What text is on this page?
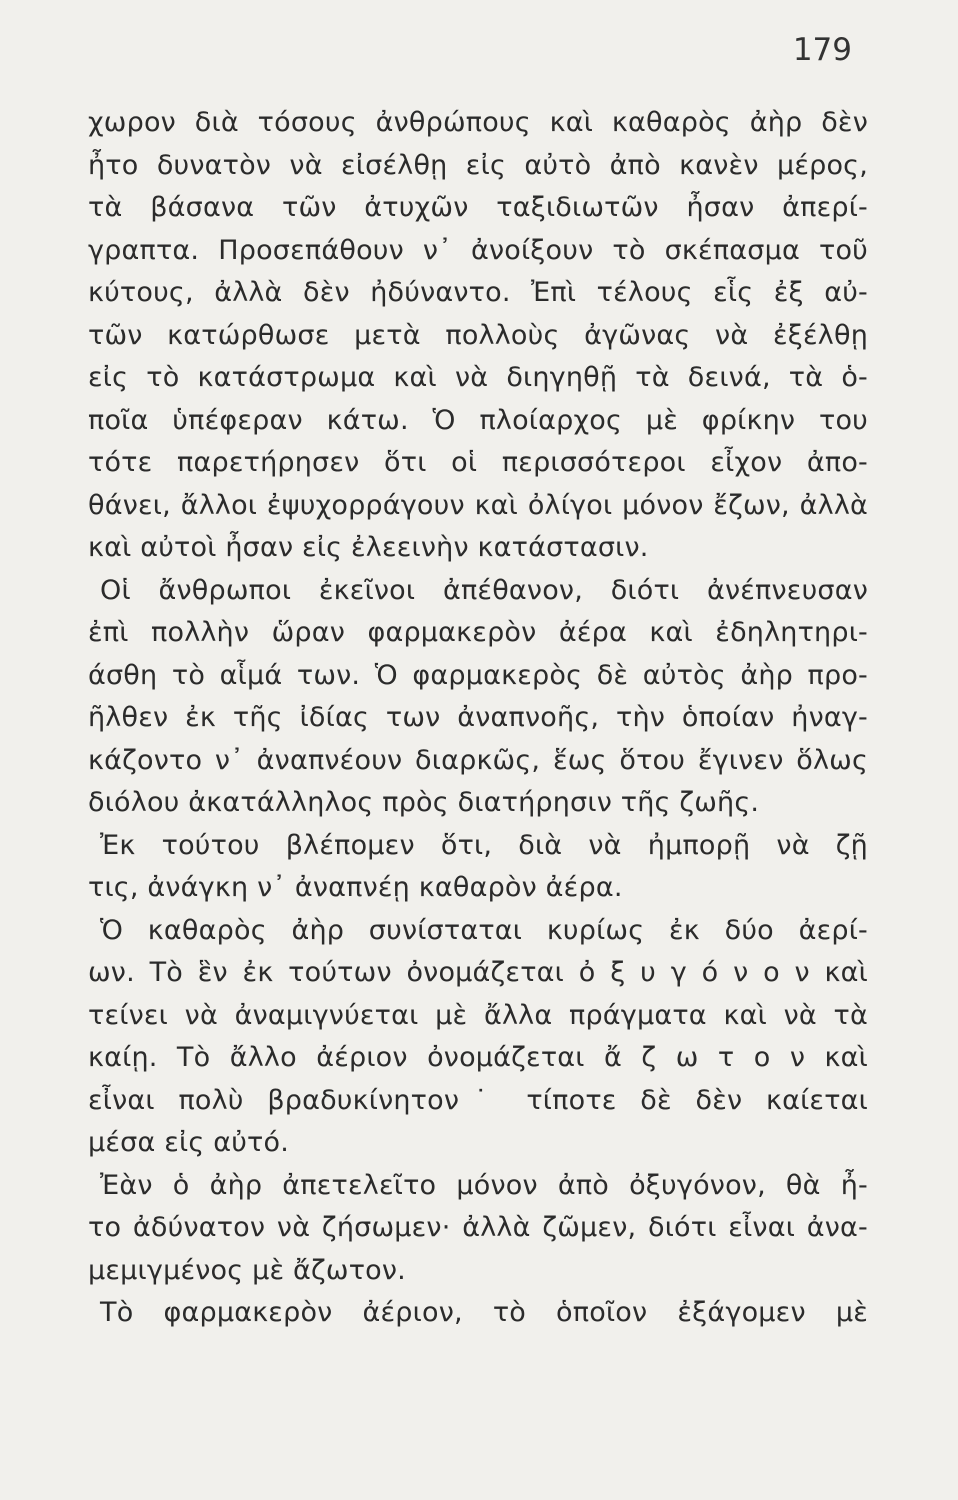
179
χωρον διὰ τόσους ἀνθρώπους καὶ καθαρὸς ἀὴρ δὲν
ἦτο δυνατὸν νὰ εἰσέλθῃ εἰς αὐτὸ ἀπὸ κανὲν μέρος,
τὰ βάσανα τῶν ἀτυχῶν ταξιδιωτῶν ἦσαν ἀπερί-
γραπτα. Προσεπάθουν ν᾽ ἀνοίξουν τὸ σκέπασμα τοῦ
κύτους, ἀλλὰ δὲν ἠδύναντο. Ἐπὶ τέλους εἷς ἐξ αὐ-
τῶν κατώρθωσε μετὰ πολλοὺς ἀγῶνας νὰ ἐξέλθῃ
εἰς τὸ κατάστρωμα καὶ νὰ διηγηθῇ τὰ δεινά, τὰ ὁ-
ποῖα ὑπέφεραν κάτω. Ὁ πλοίαρχος μὲ φρίκην του
τότε παρετήρησεν ὅτι οἱ περισσότεροι εἶχον ἀπο-
θάνει, ἄλλοι ἐψυχορράγουν καὶ ὀλίγοι μόνον ἔζων, ἀλλὰ
καὶ αὐτοὶ ἦσαν εἰς ἐλεεινὴν κατάστασιν.
Οἱ ἄνθρωποι ἐκεῖνοι ἀπέθανον, διότι ἀνέπνευσαν
ἐπὶ πολλὴν ὥραν φαρμακερὸν ἀέρα καὶ ἐδηλητηρι-
άσθη τὸ αἷμά των. Ὁ φαρμακερὸς δὲ αὐτὸς ἀὴρ προ-
ῆλθεν ἐκ τῆς ἰδίας των ἀναπνοῆς, τὴν ὁποίαν ἠναγ-
κάζοντο ν᾽ ἀναπνέουν διαρκῶς, ἕως ὅτου ἔγινεν ὅλως
διόλου ἀκατάλληλος πρὸς διατήρησιν τῆς ζωῆς.
Ἐκ τούτου βλέπομεν ὅτι, διὰ νὰ ἠμπορῇ νὰ ζῇ
τις, ἀνάγκη ν᾽ ἀναπνέῃ καθαρὸν ἀέρα.
Ὁ καθαρὸς ἀὴρ συνίσταται κυρίως ἐκ δύο ἀερί-
ων. Τὸ ἓν ἐκ τούτων ὀνομάζεται ὀ ξ υ γ ό ν ο ν καὶ
τείνει νὰ ἀναμιγνύεται μὲ ἄλλα πράγματα καὶ νὰ τὰ
καίῃ. Τὸ ἄλλο ἀέριον ὀνομάζεται ἄ ζ ω τ ο ν καὶ
εἶναι πολὺ βραδυκίνητον˙ τίποτε δὲ δὲν καίεται
μέσα εἰς αὐτό.
Ἐὰν ὁ ἀὴρ ἀπετελεῖτο μόνον ἀπὸ ὀξυγόνον, θὰ ἦ-
το ἀδύνατον νὰ ζήσωμεν· ἀλλὰ ζῶμεν, διότι εἶναι ἀνα-
μεμιγμένος μὲ ἄζωτον.
Τὸ φαρμακερὸν ἀέριον, τὸ ὁποῖον ἐξάγομεν μὲ
